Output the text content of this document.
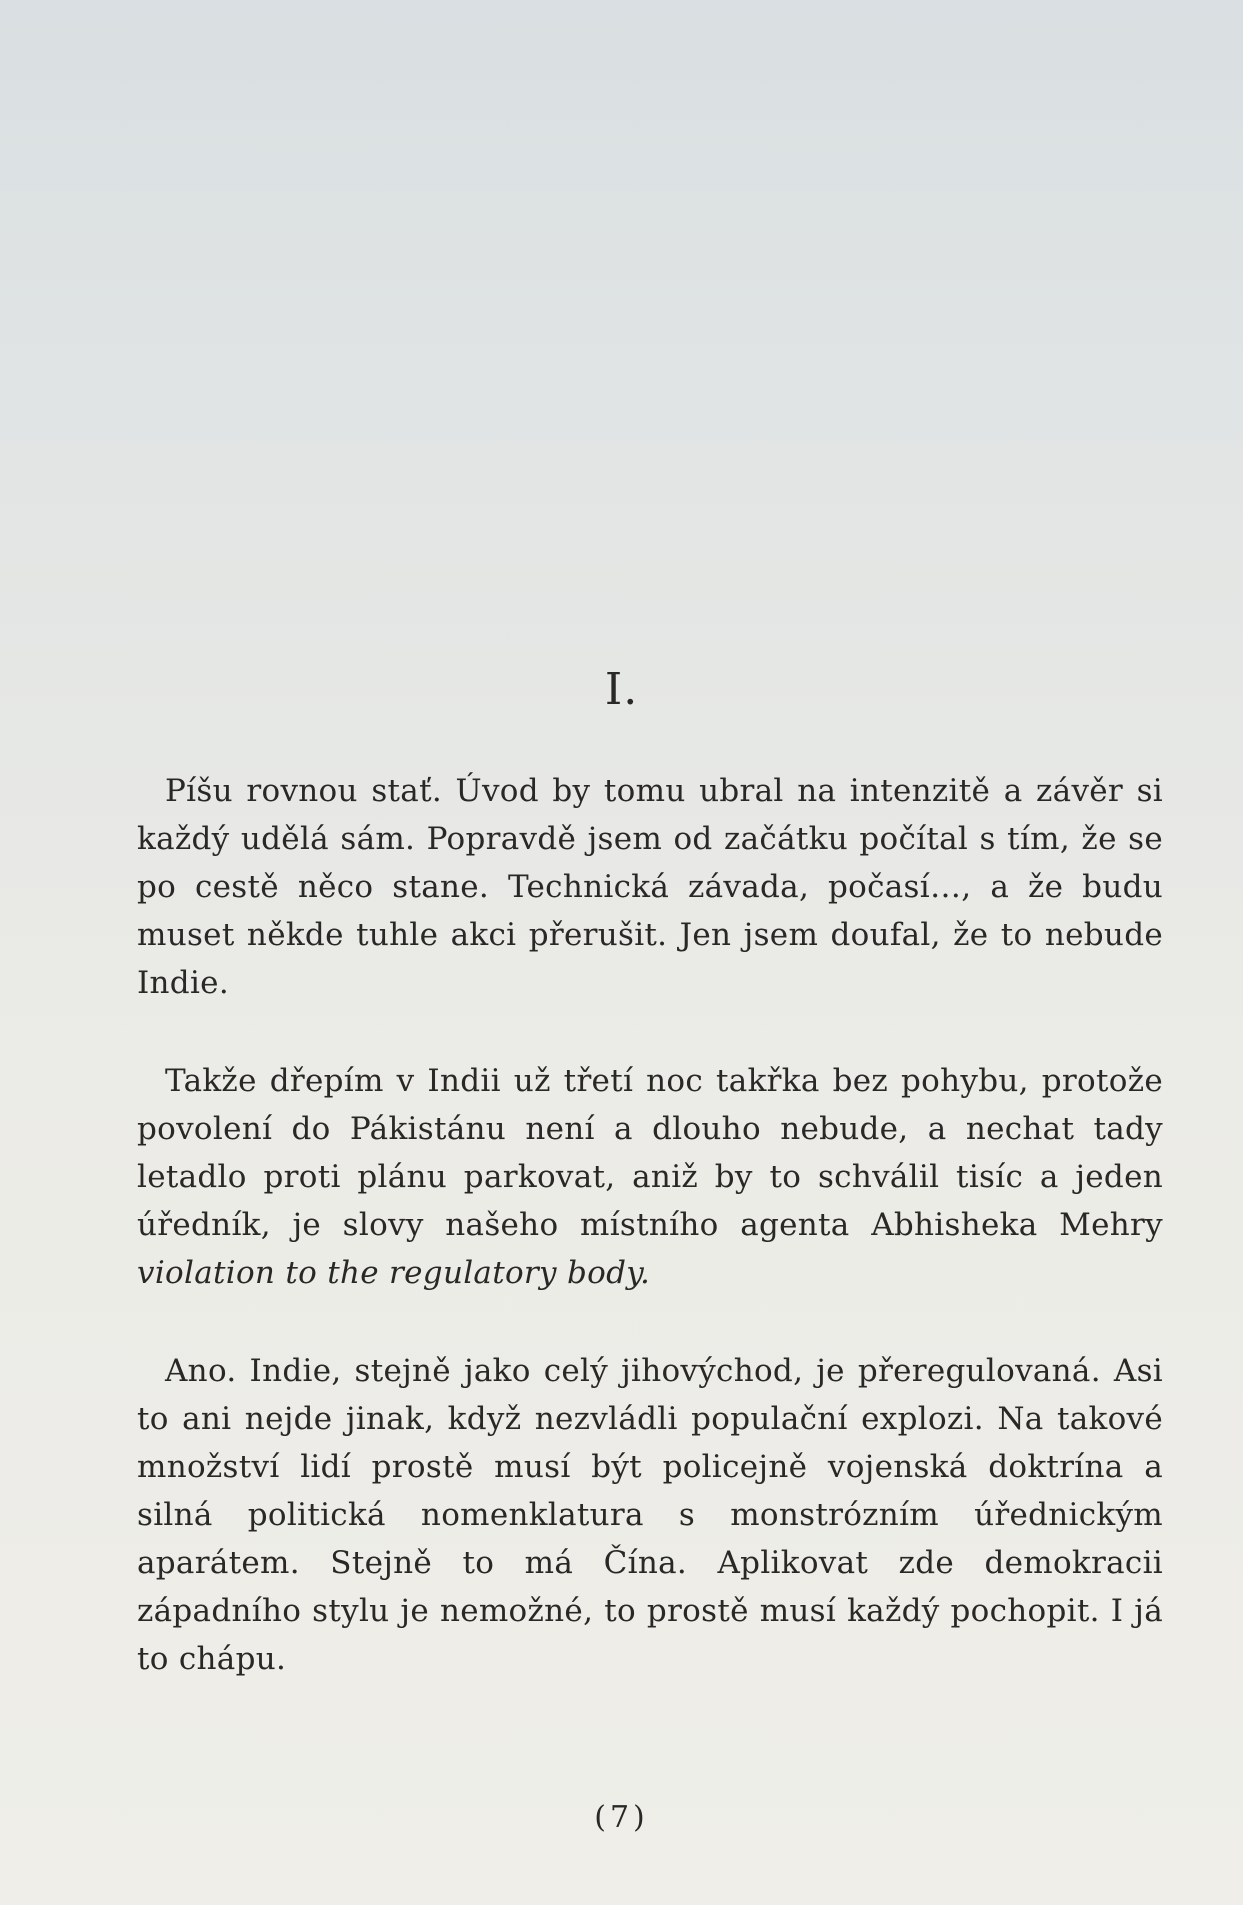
I.

Píšu rovnou stať. Úvod by tomu ubral na intenzitě a závěr si každý udělá sám. Popravdě jsem od začátku počítal s tím, že se po cestě něco stane. Technická závada, počasí…, a že budu muset někde tuhle akci přerušit. Jen jsem doufal, že to nebude Indie.

Takže dřepím v Indii už třetí noc takřka bez pohybu, protože povolení do Pákistánu není a dlouho nebude, a nechat tady letadlo proti plánu parkovat, aniž by to schválil tisíc a jeden úředník, je slovy našeho místního agenta Abhisheka Mehry violation to the regulatory body.

Ano. Indie, stejně jako celý jihovýchod, je přeregulovaná. Asi to ani nejde jinak, když nezvládli populační explozi. Na takové množství lidí prostě musí být policejně vojenská doktrína a silná politická nomenklatura s monstrózním úřednickým aparátem. Stejně to má Čína. Aplikovat zde demokracii západního stylu je nemožné, to prostě musí každý pochopit. I já to chápu.

(7)
